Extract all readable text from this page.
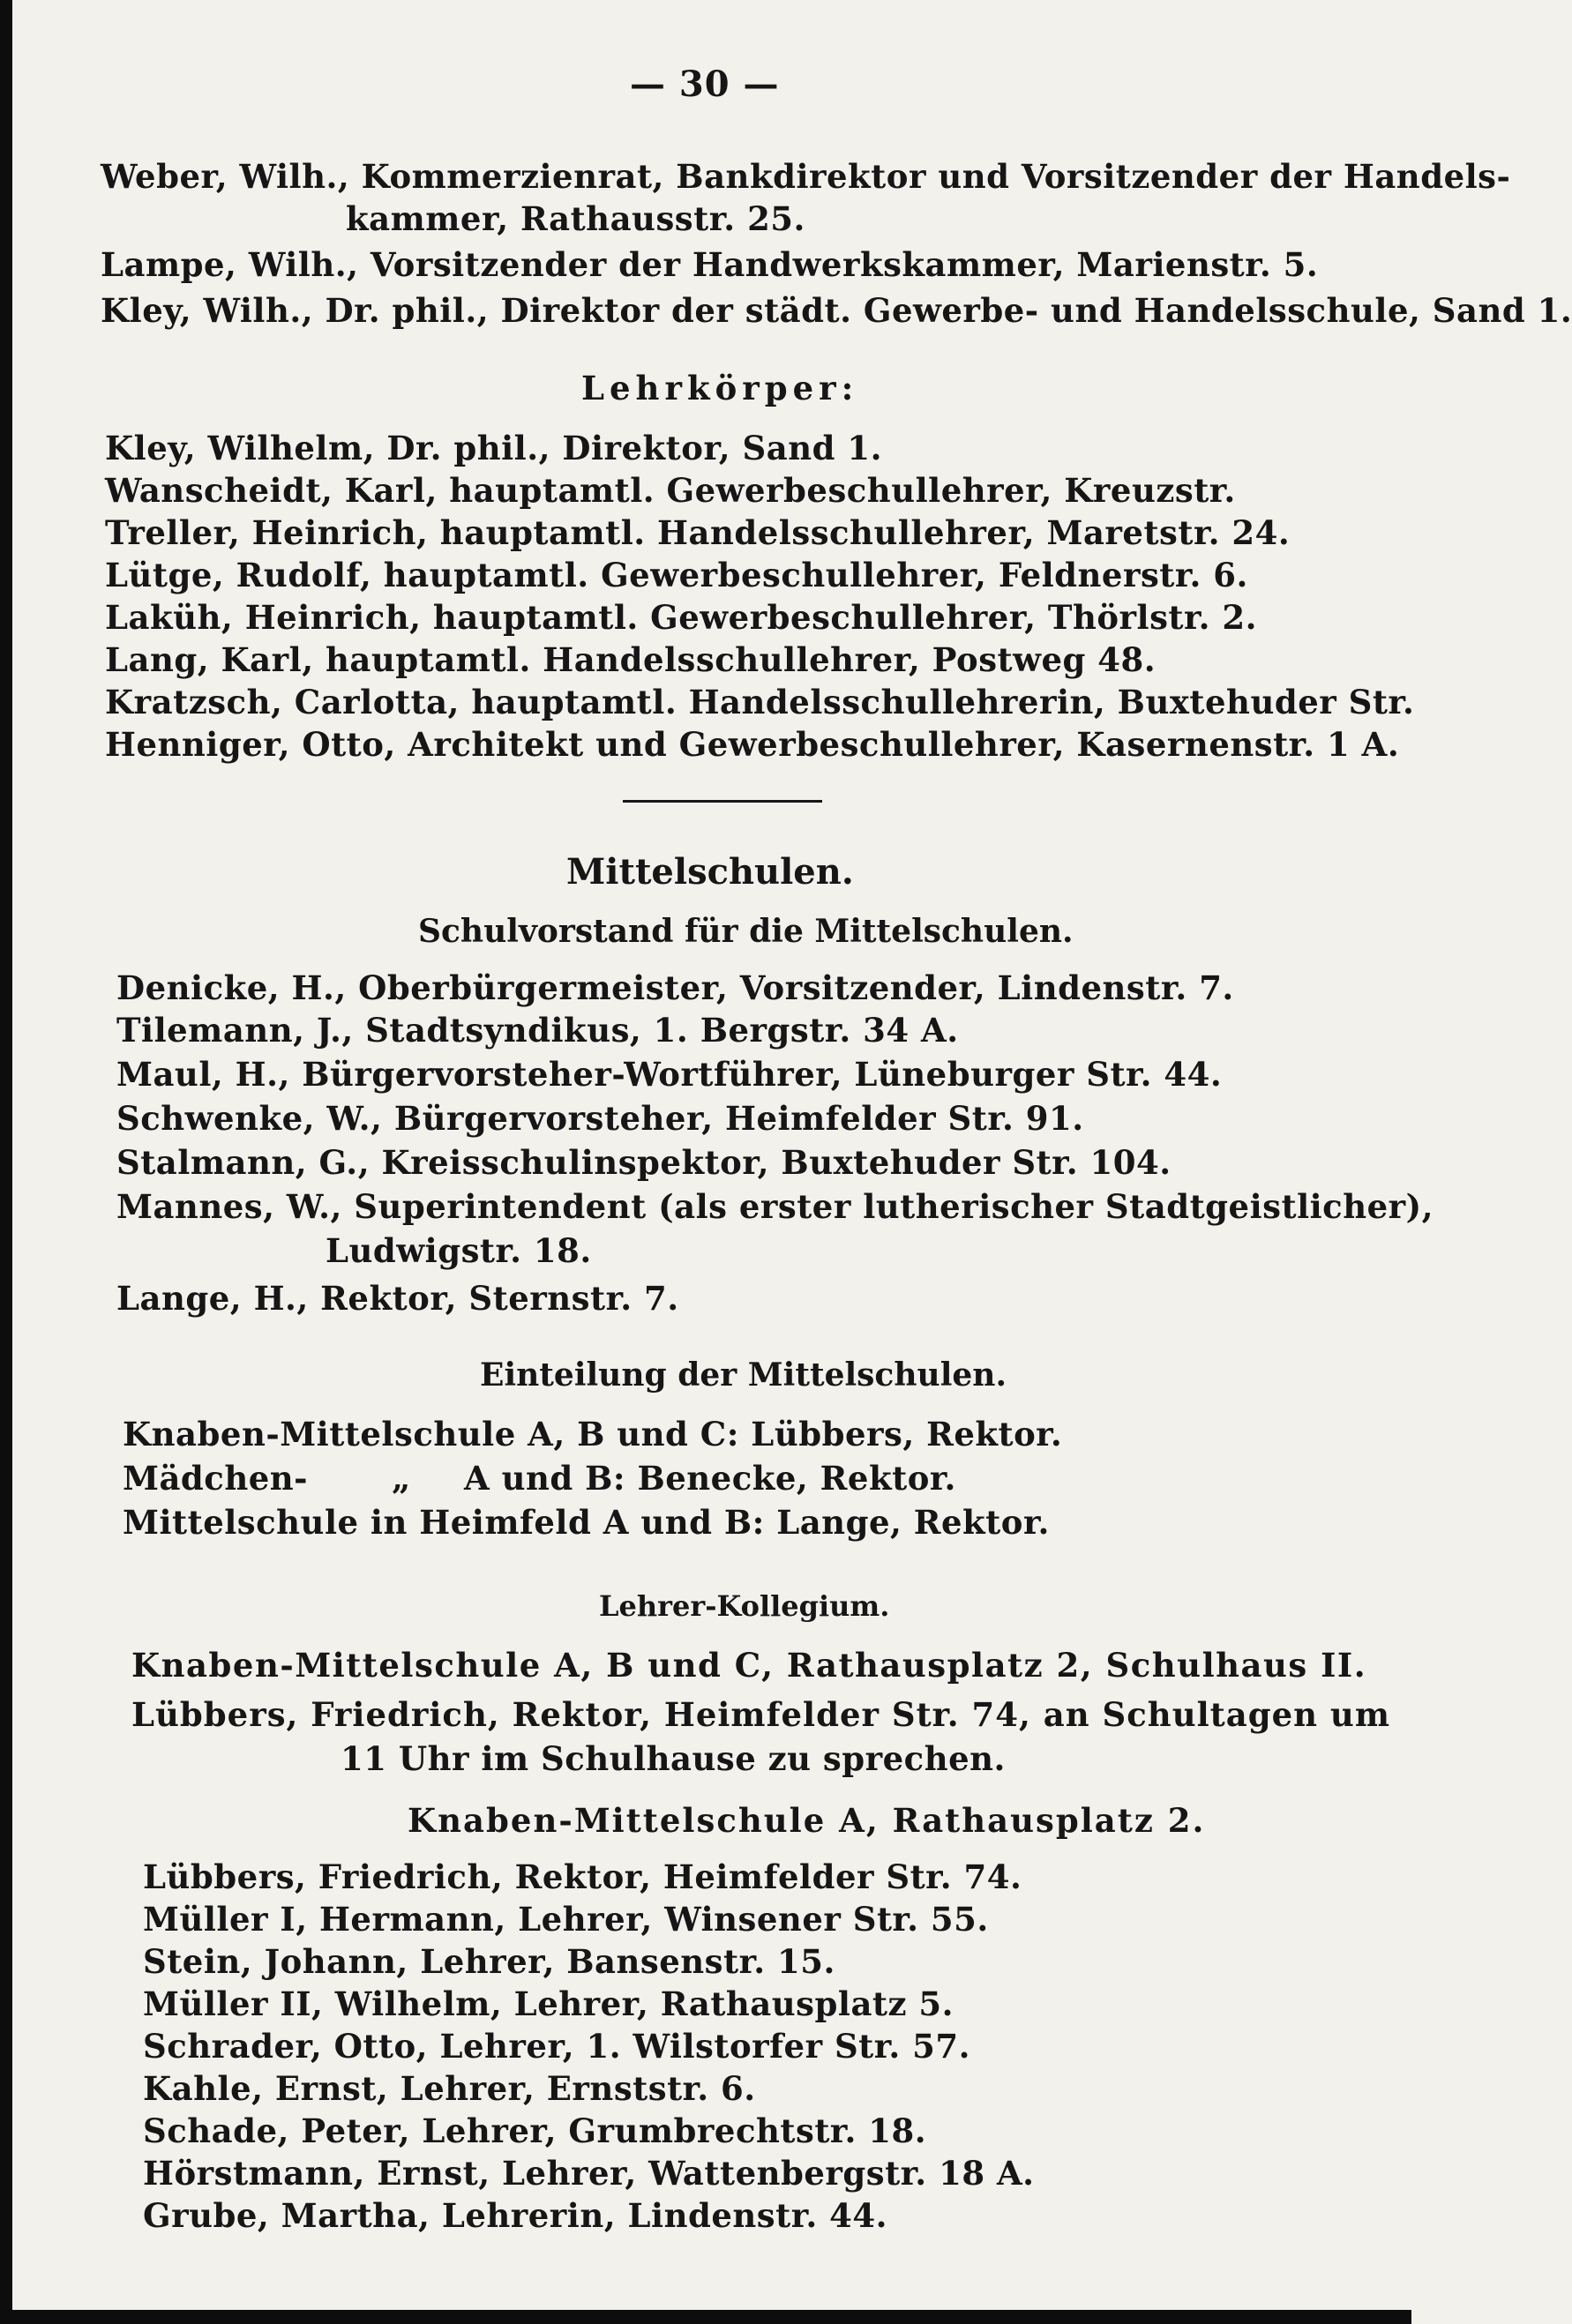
— 30 —
Weber, Wilh., Kommerzienrat, Bankdirektor und Vorsitzender der Handels-
kammer, Rathausstr. 25.
Lampe, Wilh., Vorsitzender der Handwerkskammer, Marienstr. 5.
Kley, Wilh., Dr. phil., Direktor der städt. Gewerbe- und Handelsschule, Sand 1.
Lehrkörper:
Kley, Wilhelm, Dr. phil., Direktor, Sand 1.
Wanscheidt, Karl, hauptamtl. Gewerbeschullehrer, Kreuzstr.
Treller, Heinrich, hauptamtl. Handelsschullehrer, Maretstr. 24.
Lütge, Rudolf, hauptamtl. Gewerbeschullehrer, Feldnerstr. 6.
Laküh, Heinrich, hauptamtl. Gewerbeschullehrer, Thörlstr. 2.
Lang, Karl, hauptamtl. Handelsschullehrer, Postweg 48.
Kratzsch, Carlotta, hauptamtl. Handelsschullehrerin, Buxtehuder Str.
Henniger, Otto, Architekt und Gewerbeschullehrer, Kasernenstr. 1 A.
Mittelschulen.
Schulvorstand für die Mittelschulen.
Denicke, H., Oberbürgermeister, Vorsitzender, Lindenstr. 7.
Tilemann, J., Stadtsyndikus, 1. Bergstr. 34 A.
Maul, H., Bürgervorsteher-Wortführer, Lüneburger Str. 44.
Schwenke, W., Bürgervorsteher, Heimfelder Str. 91.
Stalmann, G., Kreisschulinspektor, Buxtehuder Str. 104.
Mannes, W., Superintendent (als erster lutherischer Stadtgeistlicher),
Ludwigstr. 18.
Lange, H., Rektor, Sternstr. 7.
Einteilung der Mittelschulen.
Knaben-Mittelschule A, B und C: Lübbers, Rektor.
Mädchen-	„ A und B: Benecke, Rektor.
Mittelschule in Heimfeld A und B: Lange, Rektor.
Lehrer-Kollegium.
Knaben-Mittelschule A, B und C, Rathausplatz 2, Schulhaus II.
Lübbers, Friedrich, Rektor, Heimfelder Str. 74, an Schultagen um
11 Uhr im Schulhause zu sprechen.
Knaben-Mittelschule A, Rathausplatz 2.
Lübbers, Friedrich, Rektor, Heimfelder Str. 74.
Müller I, Hermann, Lehrer, Winsener Str. 55.
Stein, Johann, Lehrer, Bansenstr. 15.
Müller II, Wilhelm, Lehrer, Rathausplatz 5.
Schrader, Otto, Lehrer, 1. Wilstorfer Str. 57.
Kahle, Ernst, Lehrer, Ernststr. 6.
Schade, Peter, Lehrer, Grumbrechtstr. 18.
Hörstmann, Ernst, Lehrer, Wattenbergstr. 18 A.
Grube, Martha, Lehrerin, Lindenstr. 44.
